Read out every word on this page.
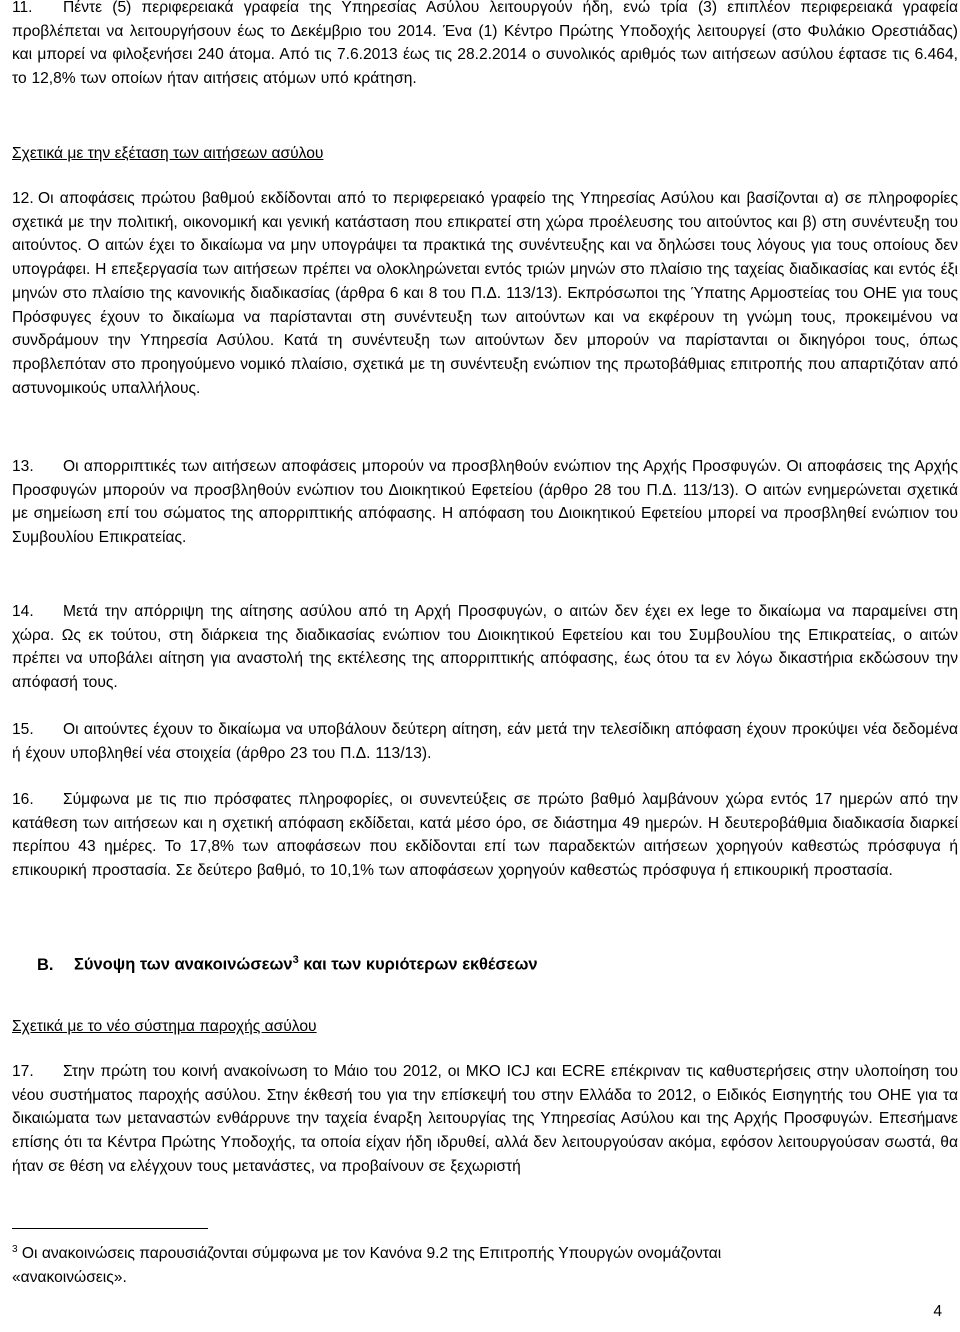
11. Πέντε (5) περιφερειακά γραφεία της Υπηρεσίας Ασύλου λειτουργούν ήδη, ενώ τρία (3) επιπλέον περιφερειακά γραφεία προβλέπεται να λειτουργήσουν έως το Δεκέμβριο του 2014. Ένα (1) Κέντρο Πρώτης Υποδοχής λειτουργεί (στο Φυλάκιο Ορεστιάδας) και μπορεί να φιλοξενήσει 240 άτομα. Από τις 7.6.2013 έως τις 28.2.2014 ο συνολικός αριθμός των αιτήσεων ασύλου έφτασε τις 6.464, το 12,8% των οποίων ήταν αιτήσεις ατόμων υπό κράτηση.

Σχετικά με την εξέταση των αιτήσεων ασύλου

12. Οι αποφάσεις πρώτου βαθμού εκδίδονται από το περιφερειακό γραφείο της Υπηρεσίας Ασύλου και βασίζονται α) σε πληροφορίες σχετικά με την πολιτική, οικονομική και γενική κατάσταση που επικρατεί στη χώρα προέλευσης του αιτούντος και β) στη συνέντευξη του αιτούντος. Ο αιτών έχει το δικαίωμα να μην υπογράψει τα πρακτικά της συνέντευξης και να δηλώσει τους λόγους για τους οποίους δεν υπογράφει. Η επεξεργασία των αιτήσεων πρέπει να ολοκληρώνεται εντός τριών μηνών στο πλαίσιο της ταχείας διαδικασίας και εντός έξι μηνών στο πλαίσιο της κανονικής διαδικασίας (άρθρα 6 και 8 του Π.Δ. 113/13). Εκπρόσωποι της Ύπατης Αρμοστείας του ΟΗΕ για τους Πρόσφυγες έχουν το δικαίωμα να παρίστανται στη συνέντευξη των αιτούντων και να εκφέρουν τη γνώμη τους, προκειμένου να συνδράμουν την Υπηρεσία Ασύλου. Κατά τη συνέντευξη των αιτούντων δεν μπορούν να παρίστανται οι δικηγόροι τους, όπως προβλεπόταν στο προηγούμενο νομικό πλαίσιο, σχετικά με τη συνέντευξη ενώπιον της πρωτοβάθμιας επιτροπής που απαρτιζόταν από αστυνομικούς υπαλλήλους.

13. Οι απορριπτικές των αιτήσεων αποφάσεις μπορούν να προσβληθούν ενώπιον της Αρχής Προσφυγών. Οι αποφάσεις της Αρχής Προσφυγών μπορούν να προσβληθούν ενώπιον του Διοικητικού Εφετείου (άρθρο 28 του Π.Δ. 113/13). Ο αιτών ενημερώνεται σχετικά με σημείωση επί του σώματος της απορριπτικής απόφασης. Η απόφαση του Διοικητικού Εφετείου μπορεί να προσβληθεί ενώπιον του Συμβουλίου Επικρατείας.

14. Μετά την απόρριψη της αίτησης ασύλου από τη Αρχή Προσφυγών, ο αιτών δεν έχει ex lege το δικαίωμα να παραμείνει στη χώρα. Ως εκ τούτου, στη διάρκεια της διαδικασίας ενώπιον του Διοικητικού Εφετείου και του Συμβουλίου της Επικρατείας, ο αιτών πρέπει να υποβάλει αίτηση για αναστολή της εκτέλεσης της απορριπτικής απόφασης, έως ότου τα εν λόγω δικαστήρια εκδώσουν την απόφασή τους.

15. Οι αιτούντες έχουν το δικαίωμα να υποβάλουν δεύτερη αίτηση, εάν μετά την τελεσίδικη απόφαση έχουν προκύψει νέα δεδομένα ή έχουν υποβληθεί νέα στοιχεία (άρθρο 23 του Π.Δ. 113/13).

16. Σύμφωνα με τις πιο πρόσφατες πληροφορίες, οι συνεντεύξεις σε πρώτο βαθμό λαμβάνουν χώρα εντός 17 ημερών από την κατάθεση των αιτήσεων και η σχετική απόφαση εκδίδεται, κατά μέσο όρο, σε διάστημα 49 ημερών. Η δευτεροβάθμια διαδικασία διαρκεί περίπου 43 ημέρες. Το 17,8% των αποφάσεων που εκδίδονται επί των παραδεκτών αιτήσεων χορηγούν καθεστώς πρόσφυγα ή επικουρική προστασία. Σε δεύτερο βαθμό, το 10,1% των αποφάσεων χορηγούν καθεστώς πρόσφυγα ή επικουρική προστασία.

Β. Σύνοψη των ανακοινώσεων$^3$ και των κυριότερων εκθέσεων

Σχετικά με το νέο σύστημα παροχής ασύλου

17. Στην πρώτη του κοινή ανακοίνωση το Μάιο του 2012, οι ΜΚΟ ICJ και ECRE επέκριναν τις καθυστερήσεις στην υλοποίηση του νέου συστήματος παροχής ασύλου. Στην έκθεσή του για την επίσκεψή του στην Ελλάδα το 2012, ο Ειδικός Εισηγητής του ΟΗΕ για τα δικαιώματα των μεταναστών ενθάρρυνε την ταχεία έναρξη λειτουργίας της Υπηρεσίας Ασύλου και της Αρχής Προσφυγών. Επεσήμανε επίσης ότι τα Κέντρα Πρώτης Υποδοχής, τα οποία είχαν ήδη ιδρυθεί, αλλά δεν λειτουργούσαν ακόμα, εφόσον λειτουργούσαν σωστά, θα ήταν σε θέση να ελέγχουν τους μετανάστες, να προβαίνουν σε ξεχωριστή

$^3$ Οι ανακοινώσεις παρουσιάζονται σύμφωνα με τον Κανόνα 9.2 της Επιτροπής Υπουργών ονομάζονται

«ανακοινώσεις».

4
